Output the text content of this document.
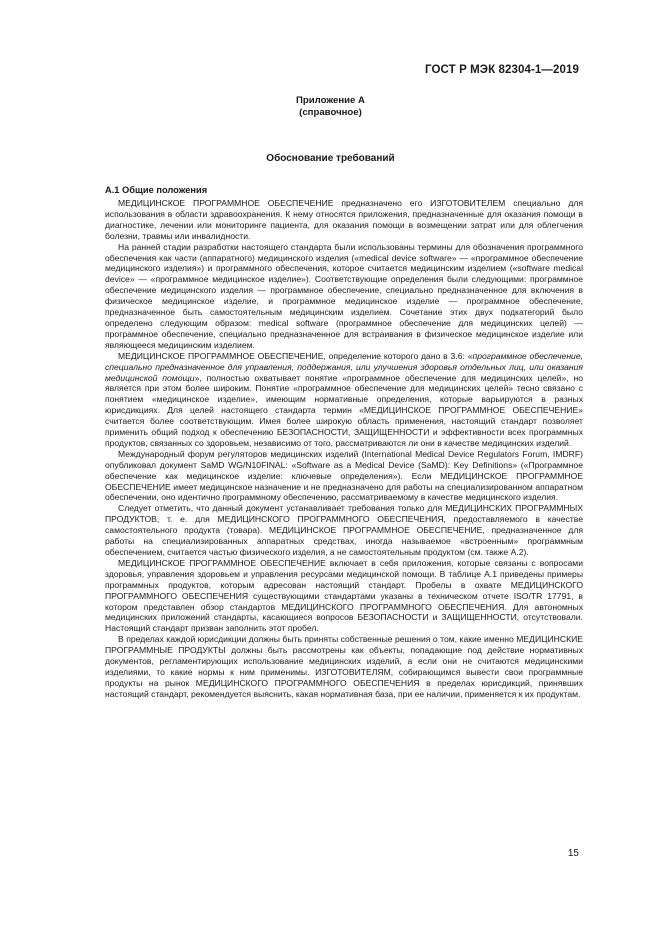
ГОСТ Р МЭК 82304-1—2019
Приложение А
(справочное)
Обоснование требований
А.1 Общие положения

МЕДИЦИНСКОЕ ПРОГРАММНОЕ ОБЕСПЕЧЕНИЕ предназначено его ИЗГОТОВИТЕЛЕМ специально для использования в области здравоохранения. К нему относятся приложения, предназначенные для оказания помощи в диагностике, лечении или мониторинге пациента, для оказания помощи в возмещении затрат или для облегчения болезни, травмы или инвалидности.

На ранней стадии разработки настоящего стандарта были использованы термины для обозначения программного обеспечения как части (аппаратного) медицинского изделия («medical device software» — «программное обеспечение медицинского изделия») и программного обеспечения, которое считается медицинским изделием («software medical device» — «программное медицинское изделие»). Соответствующие определения были следующими: программное обеспечение медицинского изделия — программное обеспечение, специально предназначенное для включения в физическое медицинское изделие, и программное медицинское изделие — программное обеспечение, предназначенное быть самостоятельным медицинским изделием. Сочетание этих двух подкатегорий было определено следующим образом: medical software (программное обеспечение для медицинских целей) — программное обеспечение, специально предназначенное для встраивания в физическое медицинское изделие или являющееся медицинским изделием.

МЕДИЦИНСКОЕ ПРОГРАММНОЕ ОБЕСПЕЧЕНИЕ, определение которого дано в 3.6: «программное обеспечение, специально предназначенное для управления, поддержания, или улучшения здоровья отдельных лиц, или оказания медицинской помощи», полностью охватывает понятие «программное обеспечение для медицинских целей», но является при этом более широким. Понятие «программное обеспечение для медицинских целей» тесно связано с понятием «медицинское изделие», имеющим нормативные определения, которые варьируются в разных юрисдикциях. Для целей настоящего стандарта термин «МЕДИЦИНСКОЕ ПРОГРАММНОЕ ОБЕСПЕЧЕНИЕ» считается более соответствующим. Имея более широкую область применения, настоящий стандарт позволяет применить общий подход к обеспечению БЕЗОПАСНОСТИ, ЗАЩИЩЕННОСТИ и эффективности всех программных продуктов, связанных со здоровьем, независимо от того, рассматриваются ли они в качестве медицинских изделий.

Международный форум регуляторов медицинских изделий (International Medical Device Regulators Forum, IMDRF) опубликовал документ SaMD WG/N10FINAL: «Software as a Medical Device (SaMD): Key Definitions» («Программное обеспечение как медицинское изделие: ключевые определения»). Если МЕДИЦИНСКОЕ ПРОГРАММНОЕ ОБЕСПЕЧЕНИЕ имеет медицинское назначение и не предназначено для работы на специализированном аппаратном обеспечении, оно идентично программному обеспечению, рассматриваемому в качестве медицинского изделия.

Следует отметить, что данный документ устанавливает требования только для МЕДИЦИНСКИХ ПРОГРАММНЫХ ПРОДУКТОВ, т. е. для МЕДИЦИНСКОГО ПРОГРАММНОГО ОБЕСПЕЧЕНИЯ, предоставляемого в качестве самостоятельного продукта (товара). МЕДИЦИНСКОЕ ПРОГРАММНОЕ ОБЕСПЕЧЕНИЕ, предназначенное для работы на специализированных аппаратных средствах, иногда называемое «встроенным» программным обеспечением, считается частью физического изделия, а не самостоятельным продуктом (см. также А.2).

МЕДИЦИНСКОЕ ПРОГРАММНОЕ ОБЕСПЕЧЕНИЕ включает в себя приложения, которые связаны с вопросами здоровья, управления здоровьем и управления ресурсами медицинской помощи. В таблице А.1 приведены примеры программных продуктов, которым адресован настоящий стандарт. Пробелы в охвате МЕДИЦИНСКОГО ПРОГРАММНОГО ОБЕСПЕЧЕНИЯ существующими стандартами указаны в техническом отчете ISO/TR 17791, в котором представлен обзор стандартов МЕДИЦИНСКОГО ПРОГРАММНОГО ОБЕСПЕЧЕНИЯ. Для автономных медицинских приложений стандарты, касающиеся вопросов БЕЗОПАСНОСТИ и ЗАЩИЩЕННОСТИ, отсутствовали. Настоящий стандарт призван заполнить этот пробел.

В пределах каждой юрисдикции должны быть приняты собственные решения о том, какие именно МЕДИЦИНСКИЕ ПРОГРАММНЫЕ ПРОДУКТЫ должны быть рассмотрены как объекты, попадающие под действие нормативных документов, регламентирующих использование медицинских изделий, а если они не считаются медицинскими изделиями, то какие нормы к ним применимы. ИЗГОТОВИТЕЛЯМ, собирающимся вывести свои программные продукты на рынок МЕДИЦИНСКОГО ПРОГРАММНОГО ОБЕСПЕЧЕНИЯ в пределах юрисдикций, принявших настоящий стандарт, рекомендуется выяснить, какая нормативная база, при ее наличии, применяется к их продуктам.

15
